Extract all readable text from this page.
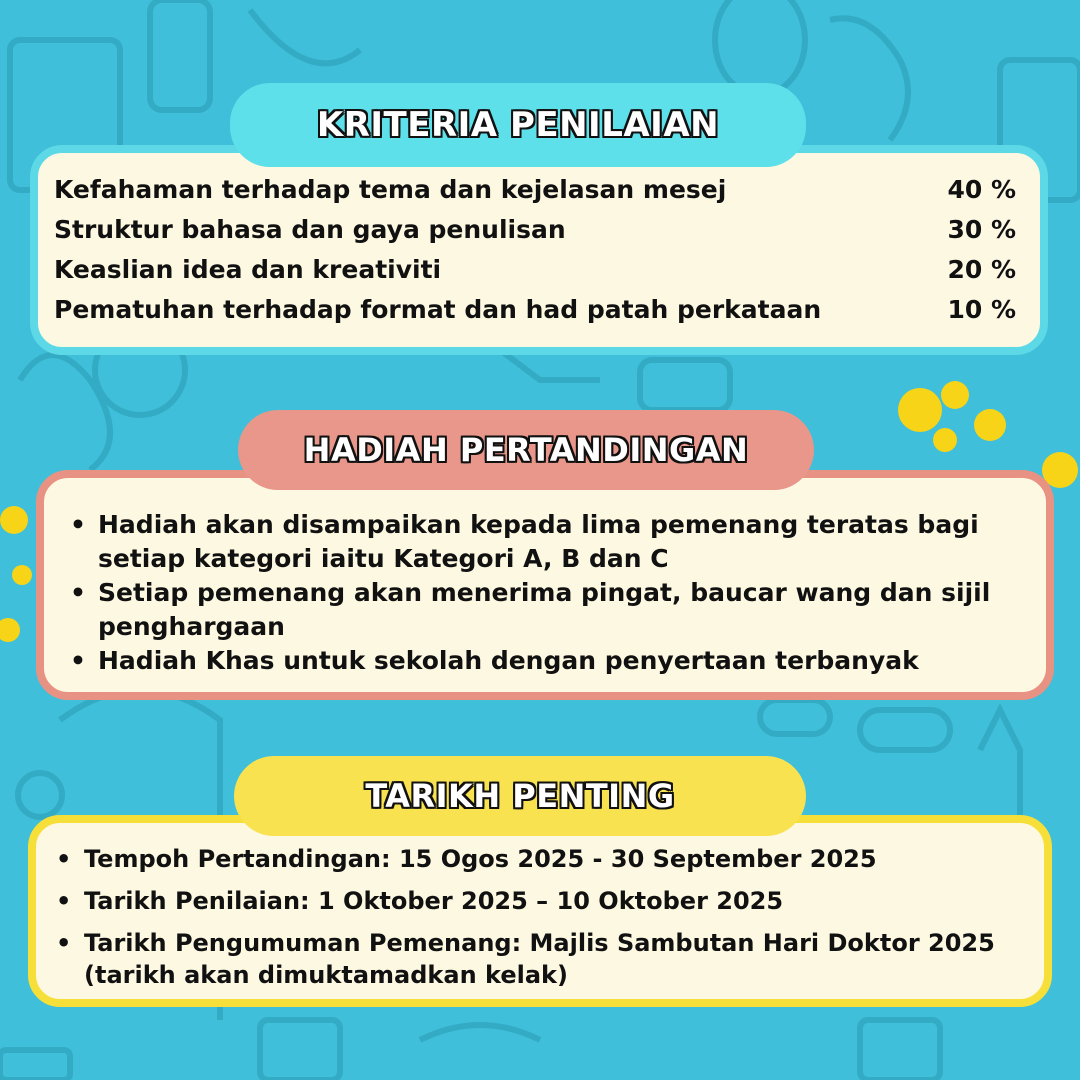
Kefahaman terhadap tema dan kejelasan mesej	40 %
Struktur bahasa dan gaya penulisan	30 %
Keaslian idea dan kreativiti	20 %
Pematuhan terhadap format dan had patah perkataan	10 %
KRITERIA PENILAIAN
• Hadiah akan disampaikan kepada lima pemenang teratas bagi setiap kategori iaitu Kategori A, B dan C
• Setiap pemenang akan menerima pingat, baucar wang dan sijil penghargaan
• Hadiah Khas untuk sekolah dengan penyertaan terbanyak
HADIAH PERTANDINGAN
• Tempoh Pertandingan: 15 Ogos 2025 - 30 September 2025
• Tarikh Penilaian: 1 Oktober 2025 – 10 Oktober 2025
• Tarikh Pengumuman Pemenang: Majlis Sambutan Hari Doktor 2025 (tarikh akan dimuktamadkan kelak)
TARIKH PENTING
